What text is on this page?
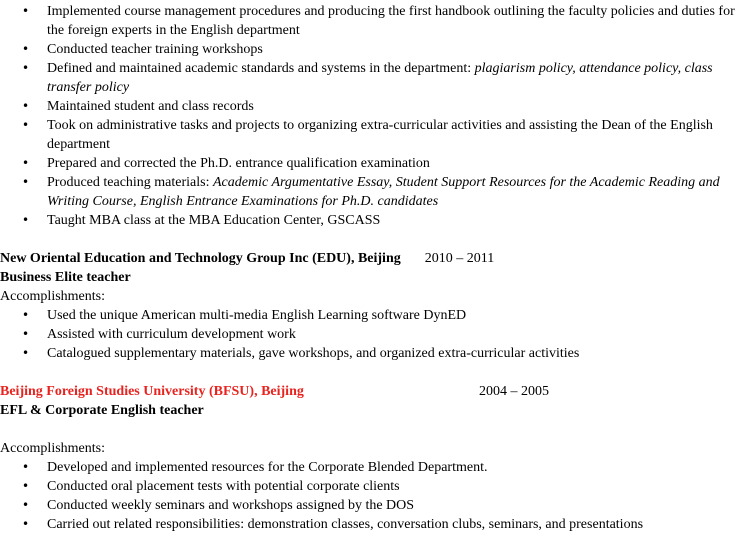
• Implemented course management procedures and producing the first handbook outlining the faculty policies and duties for the foreign experts in the English department
• Conducted teacher training workshops
• Defined and maintained academic standards and systems in the department: plagiarism policy, attendance policy, class transfer policy
• Maintained student and class records
• Took on administrative tasks and projects to organizing extra-curricular activities and assisting the Dean of the English department
• Prepared and corrected the Ph.D. entrance qualification examination
• Produced teaching materials: Academic Argumentative Essay, Student Support Resources for the Academic Reading and Writing Course, English Entrance Examinations for Ph.D. candidates
• Taught MBA class at the MBA Education Center, GSCASS
New Oriental Education and Technology Group Inc (EDU), Beijing 2010 – 2011
Business Elite teacher
Accomplishments:
• Used the unique American multi-media English Learning software DynED
• Assisted with curriculum development work
• Catalogued supplementary materials, gave workshops, and organized extra-curricular activities
Beijing Foreign Studies University (BFSU), Beijing	2004 – 2005
EFL & Corporate English teacher
Accomplishments:
• Developed and implemented resources for the Corporate Blended Department.
• Conducted oral placement tests with potential corporate clients
• Conducted weekly seminars and workshops assigned by the DOS
• Carried out related responsibilities: demonstration classes, conversation clubs, seminars, and presentations
